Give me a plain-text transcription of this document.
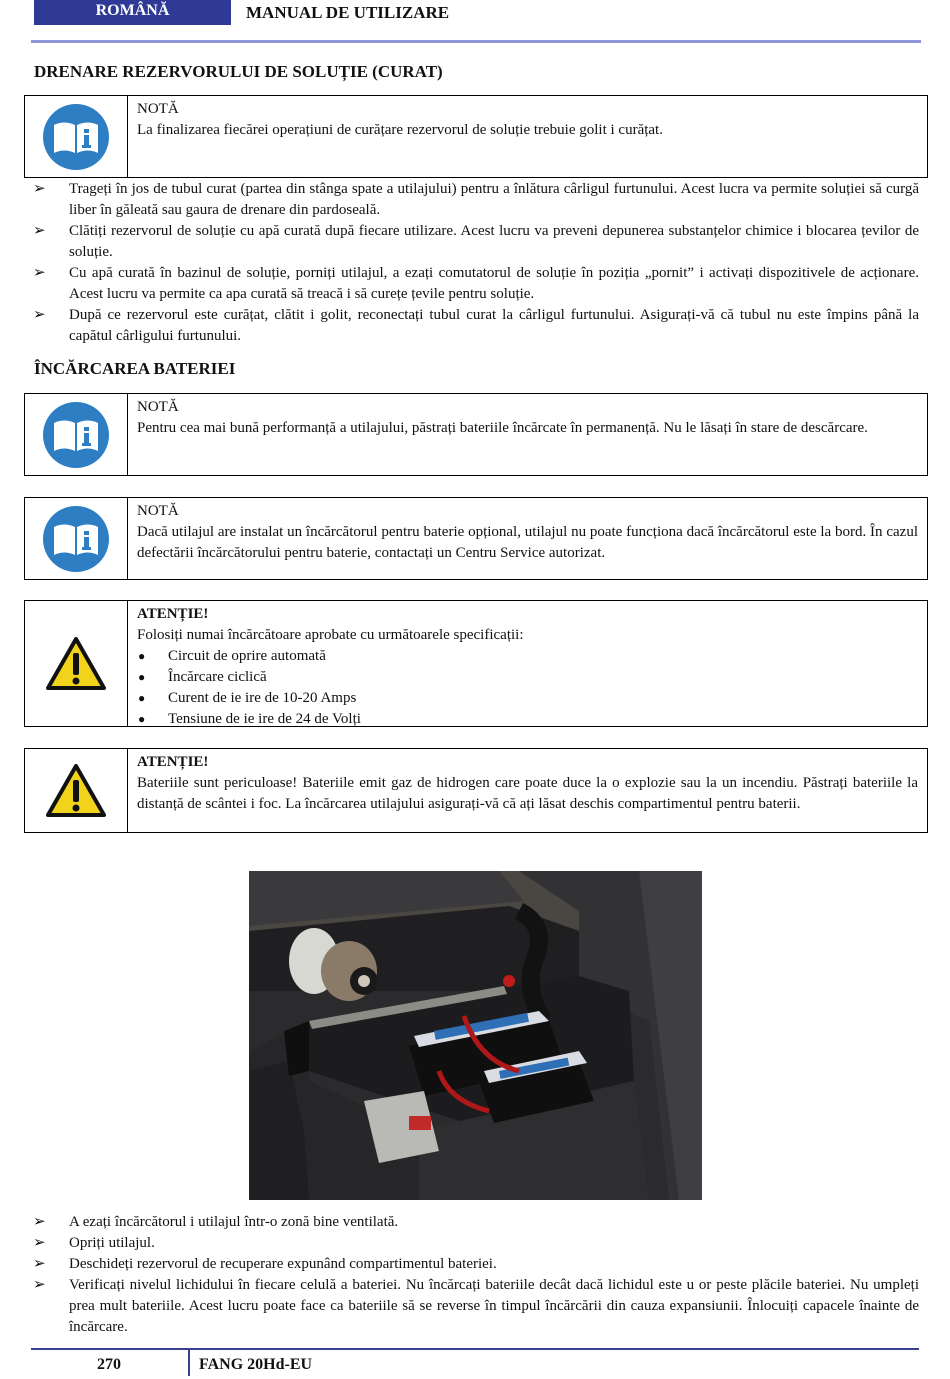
ROMÂNĂ	MANUAL DE UTILIZARE
DRENARE REZERVORULUI DE SOLUȚIE (CURAT)
NOTĂ
La finalizarea fiecărei operațiuni de curățare rezervorul de soluție trebuie golit i curățat.
➢ Trageți în jos de tubul curat (partea din stânga spate a utilajului) pentru a înlătura cârligul furtunului. Acest lucra va permite soluției să curgă liber în găleată sau gaura de drenare din pardoseală.
➢ Clătiți rezervorul de soluție cu apă curată după fiecare utilizare. Acest lucru va preveni depunerea substanțelor chimice i blocarea țevilor de soluție.
➢ Cu apă curată în bazinul de soluție, porniți utilajul, a ezați comutatorul de soluție în poziția „pornit” i activați dispozitivele de acționare. Acest lucru va permite ca apa curată să treacă i să curețe țevile pentru soluție.
➢ După ce rezervorul este curățat, clătit i golit, reconectați tubul curat la cârligul furtunului. Asigurați-vă că tubul nu este împins până la capătul cârligului furtunului.
ÎNCĂRCAREA BATERIEI
NOTĂ
Pentru cea mai bună performanță a utilajului, păstrați bateriile încărcate în permanență. Nu le lăsați în stare de descărcare.
NOTĂ
Dacă utilajul are instalat un încărcătorul pentru baterie opțional, utilajul nu poate funcționa dacă încărcătorul este la bord. În cazul defectării încărcătorului pentru baterie, contactați un Centru Service autorizat.
ATENȚIE!
Folosiți numai încărcătoare aprobate cu următoarele specificații:
● Circuit de oprire automată
● Încărcare ciclică
● Curent de ie ire de 10-20 Amps
● Tensiune de ie ire de 24 de Volți
ATENȚIE!
Bateriile sunt periculoase! Bateriile emit gaz de hidrogen care poate duce la o explozie sau la un incendiu. Păstrați bateriile la distanță de scântei i foc. La încărcarea utilajului asigurați-vă că ați lăsat deschis compartimentul pentru baterii.
➢ A ezați încărcătorul i utilajul într-o zonă bine ventilată.
➢ Opriți utilajul.
➢ Deschideți rezervorul de recuperare expunând compartimentul bateriei.
➢ Verificați nivelul lichidului în fiecare celulă a bateriei. Nu încărcați bateriile decât dacă lichidul este u or peste plăcile bateriei. Nu umpleți prea mult bateriile. Acest lucru poate face ca bateriile să se reverse în timpul încărcării din cauza expansiunii. Înlocuiți capacele înainte de încărcare.
270	FANG 20Hd-EU
